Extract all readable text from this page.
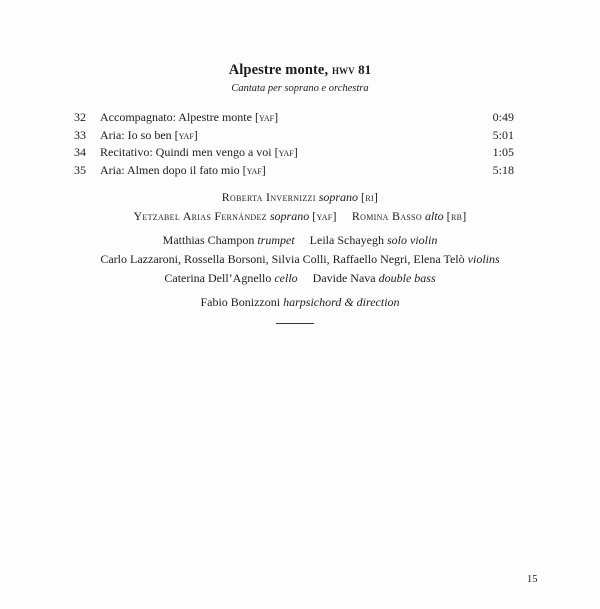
Alpestre monte, hwv 81
Cantata per soprano e orchestra
32 Accompagnato: Alpestre monte [yaf]	0:49
33 Aria: Io so ben [yaf]	5:01
34 Recitativo: Quindi men vengo a voi [yaf]	1:05
35 Aria: Almen dopo il fato mio [yaf]	5:18
Roberta Invernizzi soprano [ri]
Yetzabel Arias Fernández soprano [yaf] Romina Basso alto [rb]
Matthias Champon trumpet Leila Schayegh solo violin
Carlo Lazzaroni, Rossella Borsoni, Silvia Colli, Raffaello Negri, Elena Telò violins
Caterina Dell’Agnello cello Davide Nava double bass
Fabio Bonizzoni harpsichord & direction
15
